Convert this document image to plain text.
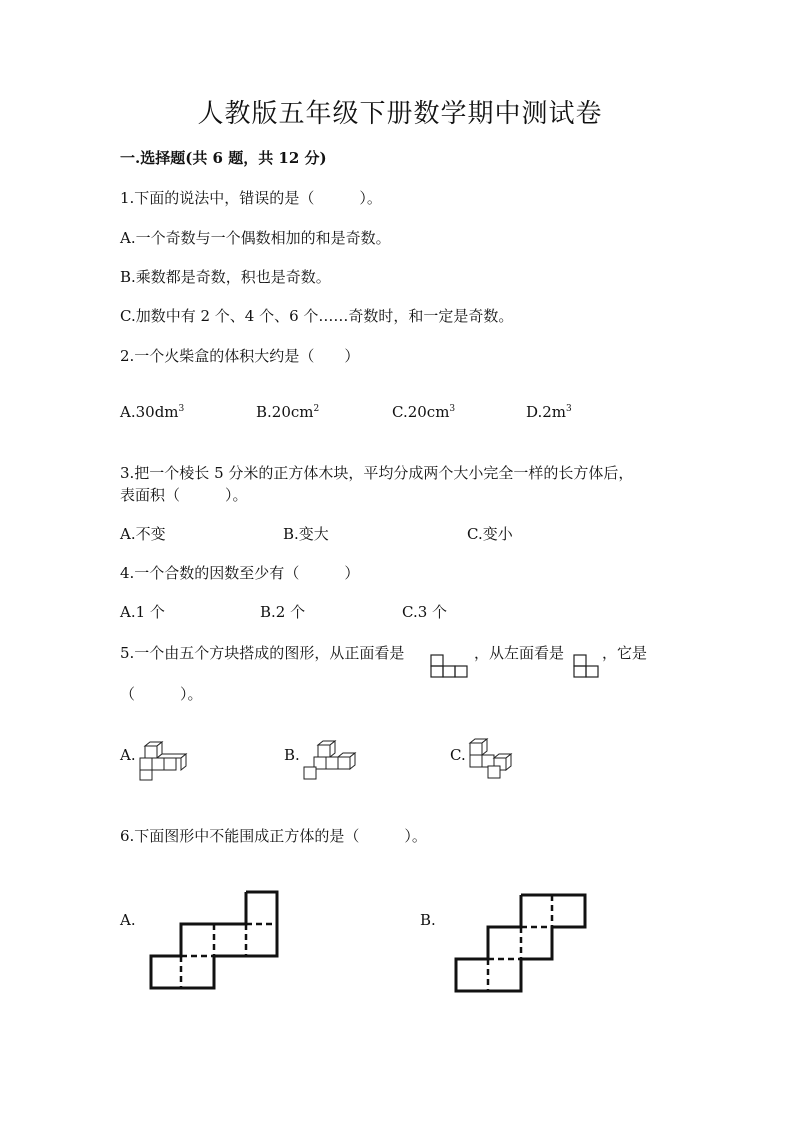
人教版五年级下册数学期中测试卷
一.选择题(共 6 题，共 12 分)
1.下面的说法中，错误的是（　　　）。
A.一个奇数与一个偶数相加的和是奇数。
B.乘数都是奇数，积也是奇数。
C.加数中有 2 个、4 个、6 个……奇数时，和一定是奇数。
2.一个火柴盒的体积大约是（　　）
$A.30dm^3$	$B.20cm^2$	$C.20cm^3$	$D.2m^3$
3.把一个棱长 5 分米的正方体木块，平均分成两个大小完全一样的长方体后，
表面积（　　　）。
A.不变	B.变大	C.变小
4.一个合数的因数至少有（　　　）
A.1 个	B.2 个	C.3 个
5.一个由五个方块搭成的图形，从正面看是	，从左面看是	，它是
（　　　）。
A.	B.	C.
6.下面图形中不能围成正方体的是（　　　）。
A.	B.
